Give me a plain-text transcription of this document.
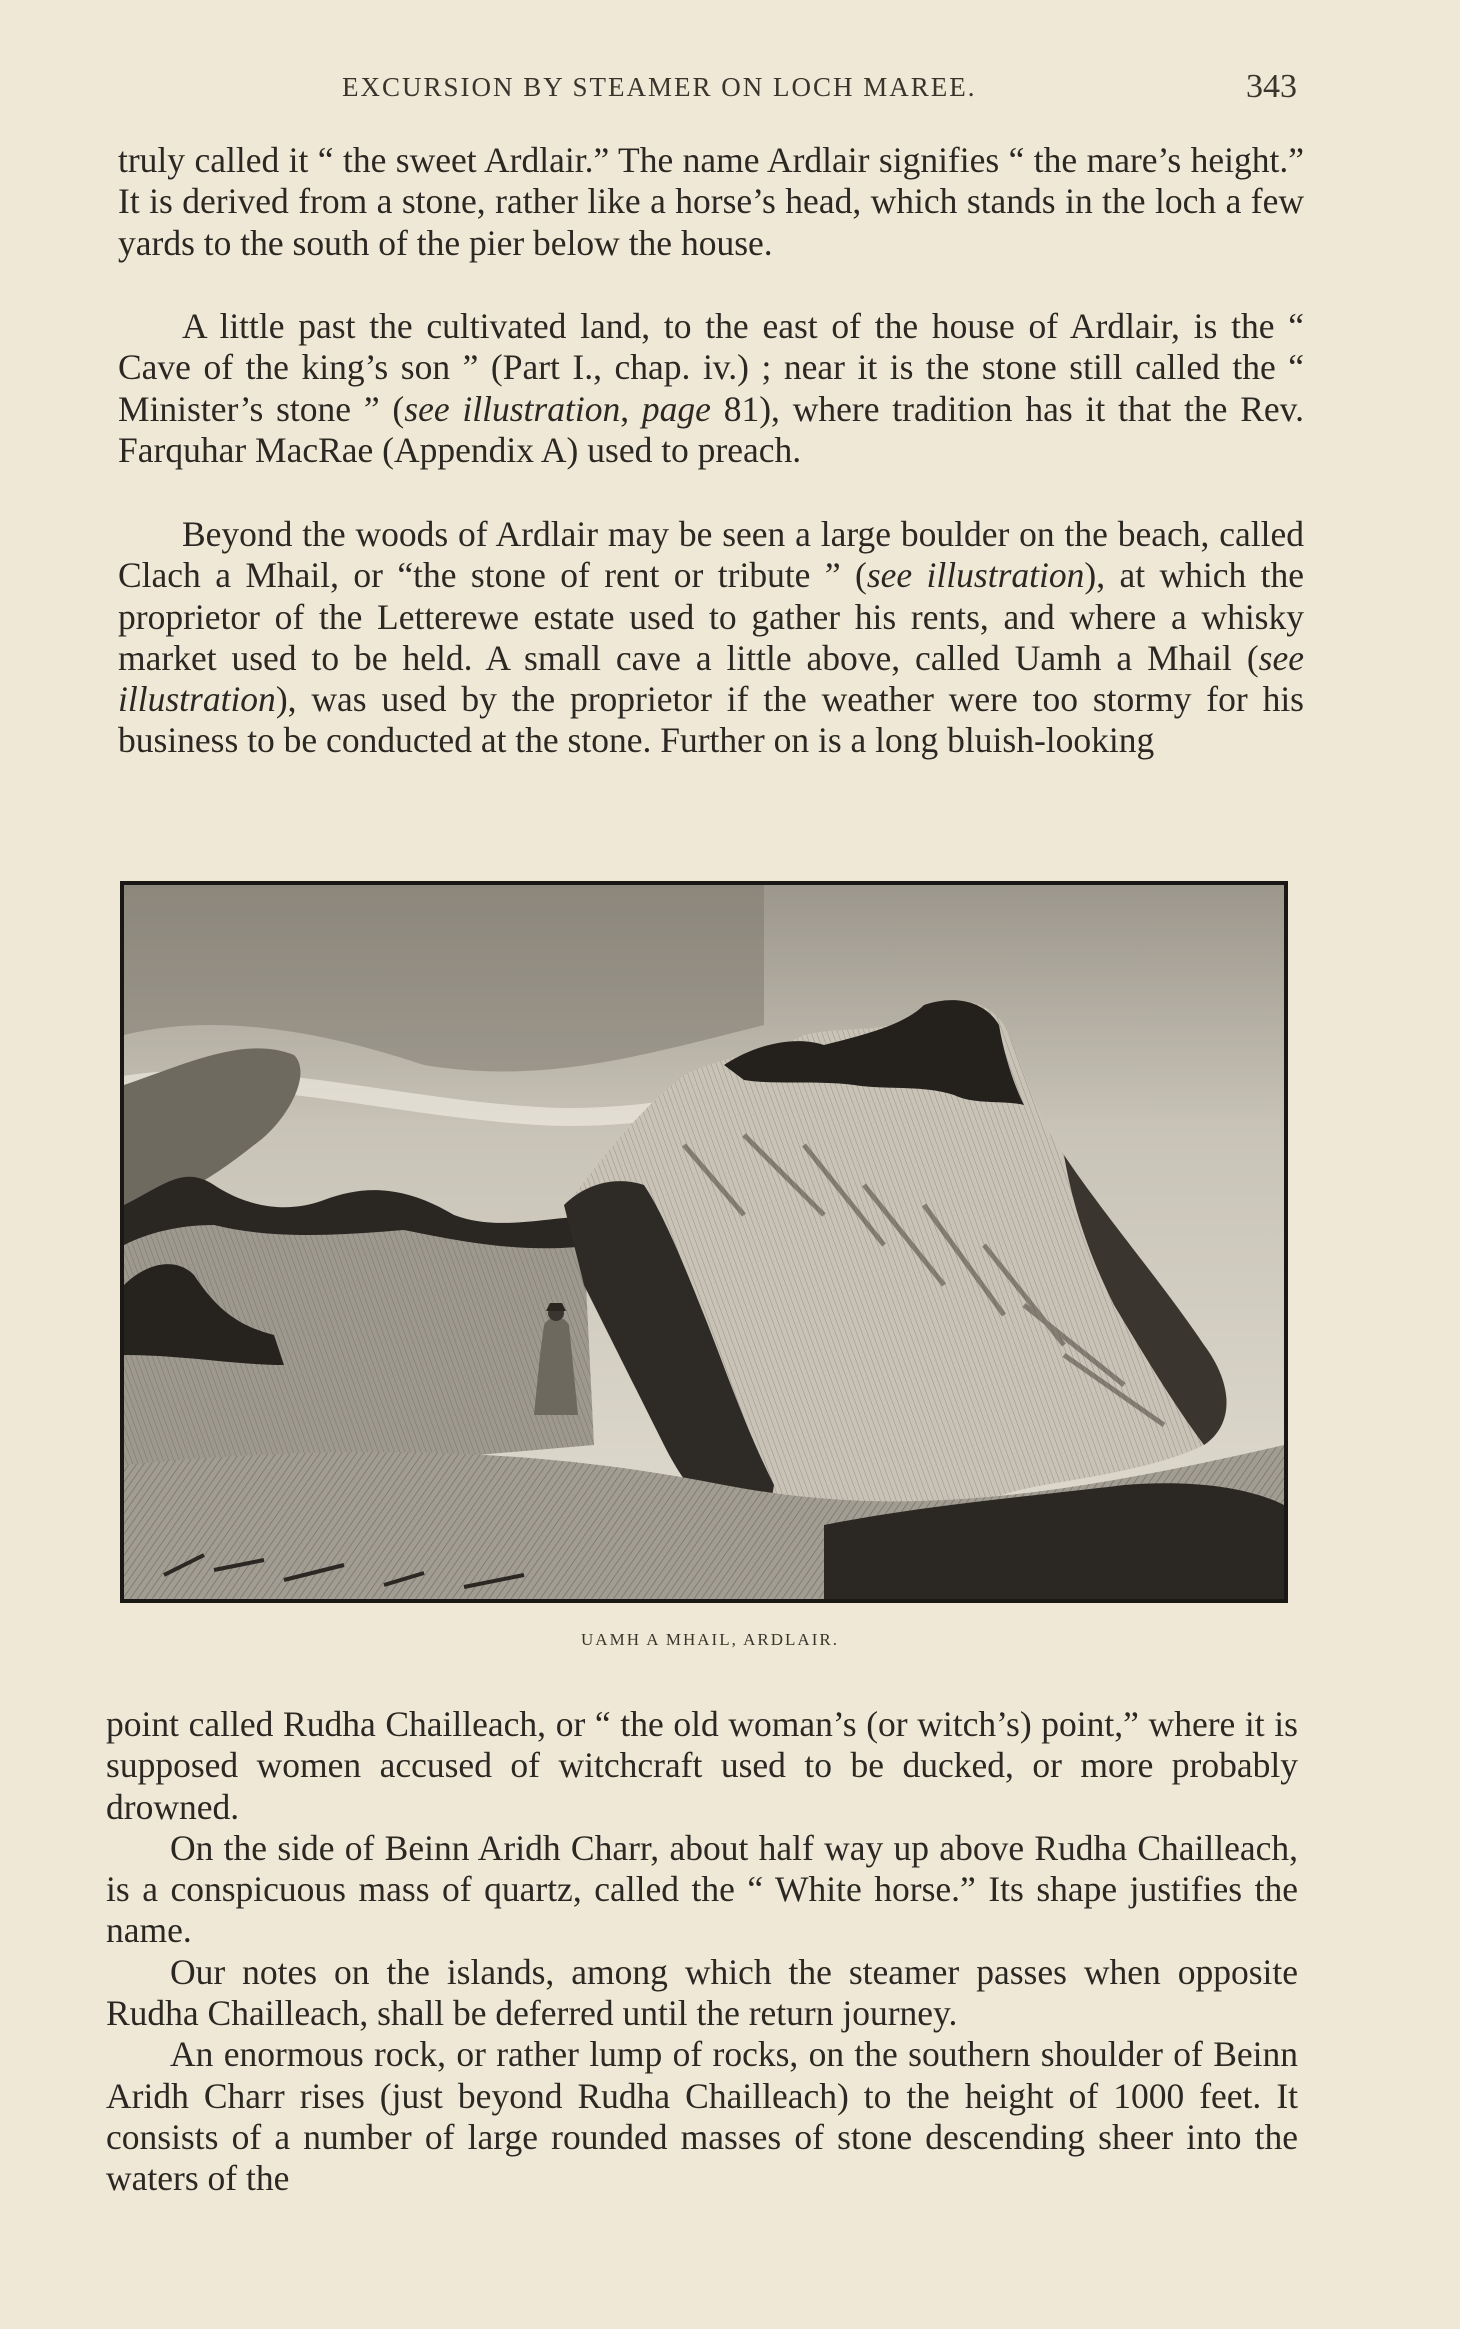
EXCURSION BY STEAMER ON LOCH MAREE.	343

truly called it “ the sweet Ardlair.” The name Ardlair signifies “ the mare’s height.” It is derived from a stone, rather like a horse’s head, which stands in the loch a few yards to the south of the pier below the house.

A little past the cultivated land, to the east of the house of Ardlair, is the “ Cave of the king’s son ” (Part I., chap. iv.) ; near it is the stone still called the “ Minister’s stone ” (see illustration, page 81), where tradition has it that the Rev. Farquhar MacRae (Appendix A) used to preach.

Beyond the woods of Ardlair may be seen a large boulder on the beach, called Clach a Mhail, or “the stone of rent or tribute ” (see illustration), at which the proprietor of the Letterewe estate used to gather his rents, and where a whisky market used to be held. A small cave a little above, called Uamh a Mhail (see illustration), was used by the proprietor if the weather were too stormy for his business to be conducted at the stone. Further on is a long bluish-looking

UAMH A MHAIL, ARDLAIR.

point called Rudha Chailleach, or “ the old woman’s (or witch’s) point,” where it is supposed women accused of witchcraft used to be ducked, or more probably drowned.

On the side of Beinn Aridh Charr, about half way up above Rudha Chailleach, is a conspicuous mass of quartz, called the “ White horse.” Its shape justifies the name.

Our notes on the islands, among which the steamer passes when opposite Rudha Chailleach, shall be deferred until the return journey.

An enormous rock, or rather lump of rocks, on the southern shoulder of Beinn Aridh Charr rises (just beyond Rudha Chailleach) to the height of 1000 feet. It consists of a number of large rounded masses of stone descending sheer into the waters of the
